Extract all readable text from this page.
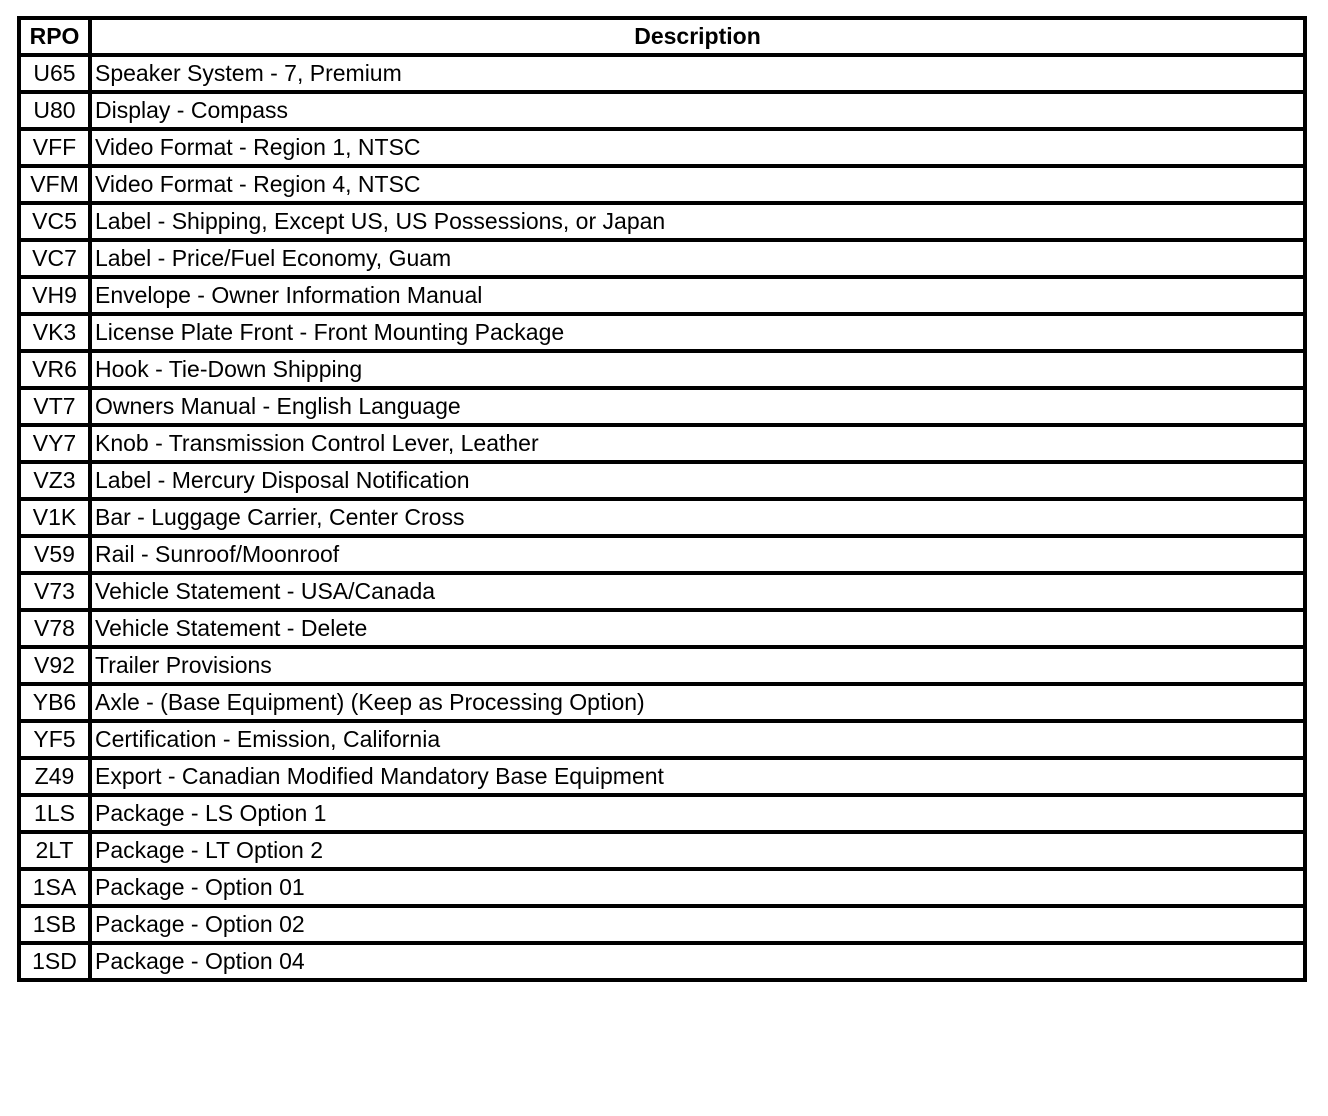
RPO	Description
U65	Speaker System - 7, Premium
U80	Display - Compass
VFF	Video Format - Region 1, NTSC
VFM	Video Format - Region 4, NTSC
VC5	Label - Shipping, Except US, US Possessions, or Japan
VC7	Label - Price/Fuel Economy, Guam
VH9	Envelope - Owner Information Manual
VK3	License Plate Front - Front Mounting Package
VR6	Hook - Tie-Down Shipping
VT7	Owners Manual - English Language
VY7	Knob - Transmission Control Lever, Leather
VZ3	Label - Mercury Disposal Notification
V1K	Bar - Luggage Carrier, Center Cross
V59	Rail - Sunroof/Moonroof
V73	Vehicle Statement - USA/Canada
V78	Vehicle Statement - Delete
V92	Trailer Provisions
YB6	Axle - (Base Equipment) (Keep as Processing Option)
YF5	Certification - Emission, California
Z49	Export - Canadian Modified Mandatory Base Equipment
1LS	Package - LS Option 1
2LT	Package - LT Option 2
1SA	Package - Option 01
1SB	Package - Option 02
1SD	Package - Option 04
